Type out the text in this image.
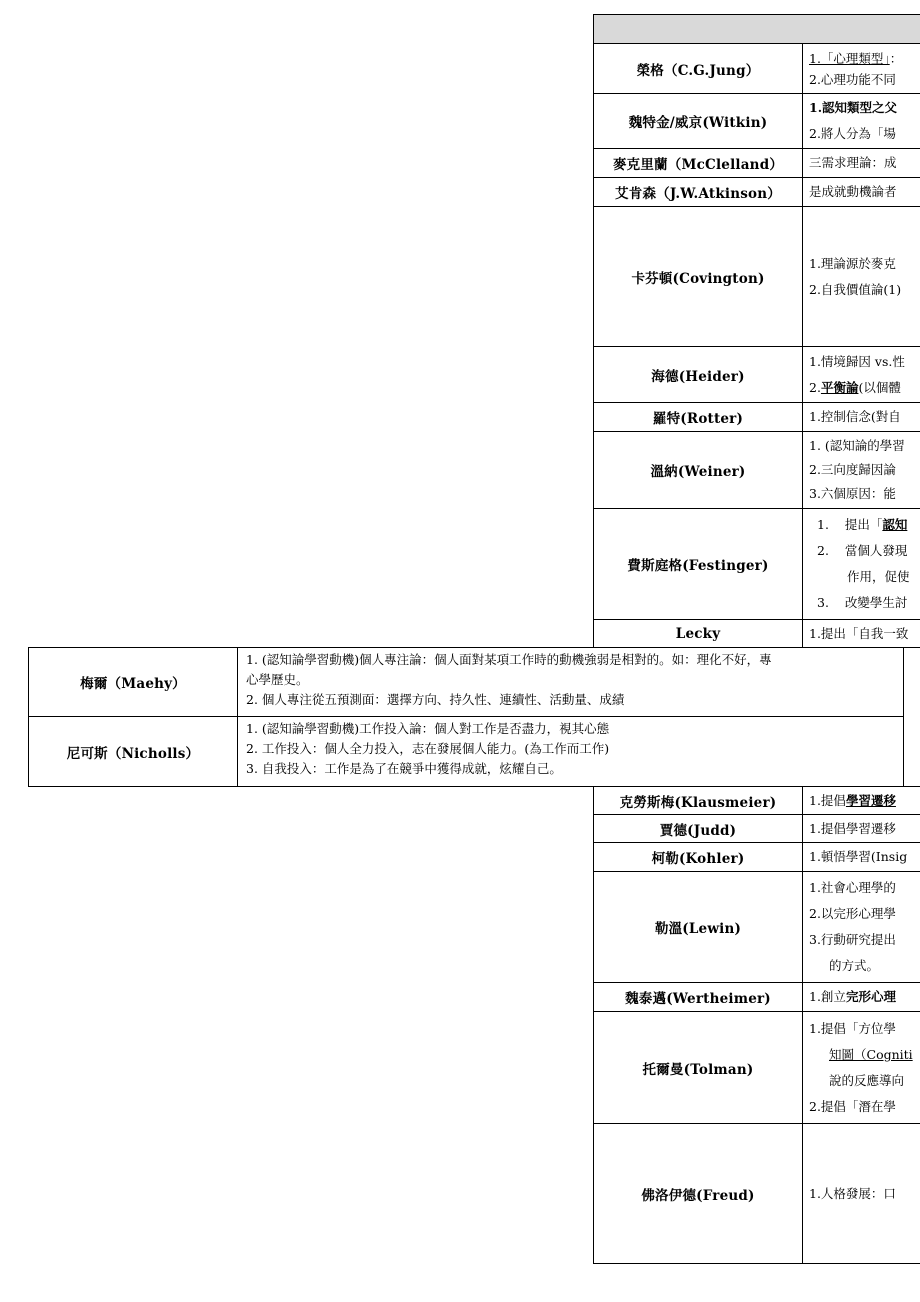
榮格（C.G.Jung）	1.「心理類型」：
2.心理功能不同

魏特金/威京(Witkin)	1.認知類型之父
2.將人分為「場

麥克里蘭（McClelland）	三需求理論：成

艾肯森（J.W.Atkinson）	是成就動機論者

卡芬頓(Covington)	1.理論源於麥克
2.自我價值論(1)

海德(Heider)	1.情境歸因 vs.性
2.平衡論(以個體

羅特(Rotter)	1.控制信念(對自

溫納(Weiner)	1. (認知論的學習
2.三向度歸因論
3.六個原因：能

費斯庭格(Festinger)	1.    提出「認知
2.    當個人發現
作用，促使
3.    改變學生討

Lecky	1.提出「自我一致
梅爾（Maehy）	1. (認知論學習動機)個人專注論：個人面對某項工作時的動機強弱是相對的。如：理化不好，專
心學歷史。
2. 個人專注從五預測面：選擇方向、持久性、連續性、活動量、成績	

尼可斯（Nicholls）	1. (認知論學習動機)工作投入論：個人對工作是否盡力，視其心態
2. 工作投入：個人全力投入，志在發展個人能力。(為工作而工作)
3. 自我投入：工作是為了在競爭中獲得成就，炫耀自己。	
克勞斯梅(Klausmeier)	1.提倡學習遷移

賈德(Judd)	1.提倡學習遷移

柯勒(Kohler)	1.頓悟學習(Insig

勒溫(Lewin)	1.社會心理學的
2.以完形心理學
3.行動研究提出
的方式。

魏泰邁(Wertheimer)	1.創立完形心理

托爾曼(Tolman)	1.提倡「方位學
知圖（Cogniti
說的反應導向
2.提倡「潛在學

佛洛伊德(Freud)	1.人格發展：口
